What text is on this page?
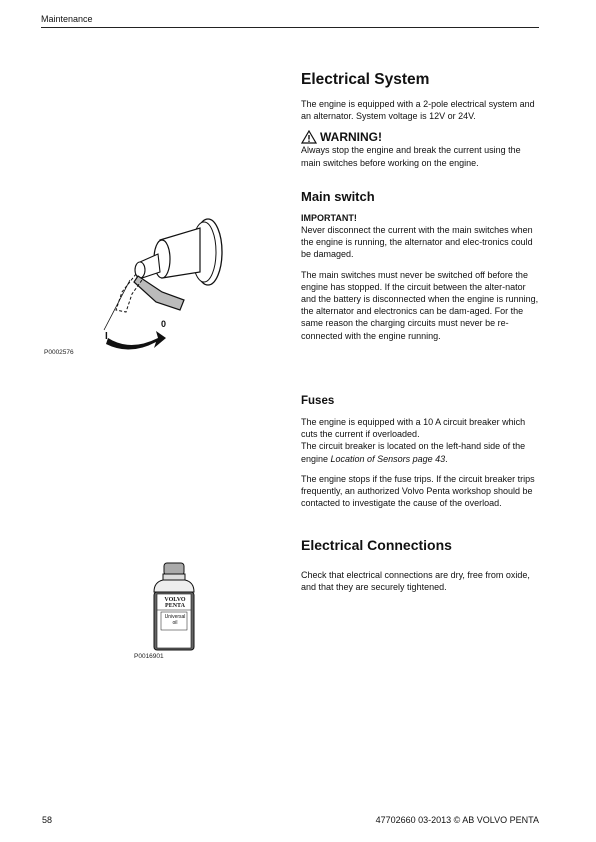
Maintenance
Electrical System

The engine is equipped with a 2-pole electrical system and an alternator. System voltage is 12V or 24V.

WARNING!

Always stop the engine and break the current using the main switches before working on the engine.

Main switch
IMPORTANT!

Never disconnect the current with the main switches when the engine is running, the alternator and elec-tronics could be damaged.

The main switches must never be switched off before the engine has stopped. If the circuit between the alter-nator and the battery is disconnected when the engine is running, the alternator and electronics can be dam-aged. For the same reason the charging circuits must never be re-connected with the engine running.

Fuses

The engine is equipped with a 10 A circuit breaker which cuts the current if overloaded.
The circuit breaker is located on the left-hand side of the engine Location of Sensors page 43.

The engine stops if the fuse trips. If the circuit breaker trips frequently, an authorized Volvo Penta workshop should be contacted to investigate the cause of the overload.

Electrical Connections

Check that electrical connections are dry, free from oxide, and that they are securely tightened.

0
I
P0002576
VOLVO
PENTA
Universal
oil
P0016901
58	47702660 03-2013 © AB VOLVO PENTA
